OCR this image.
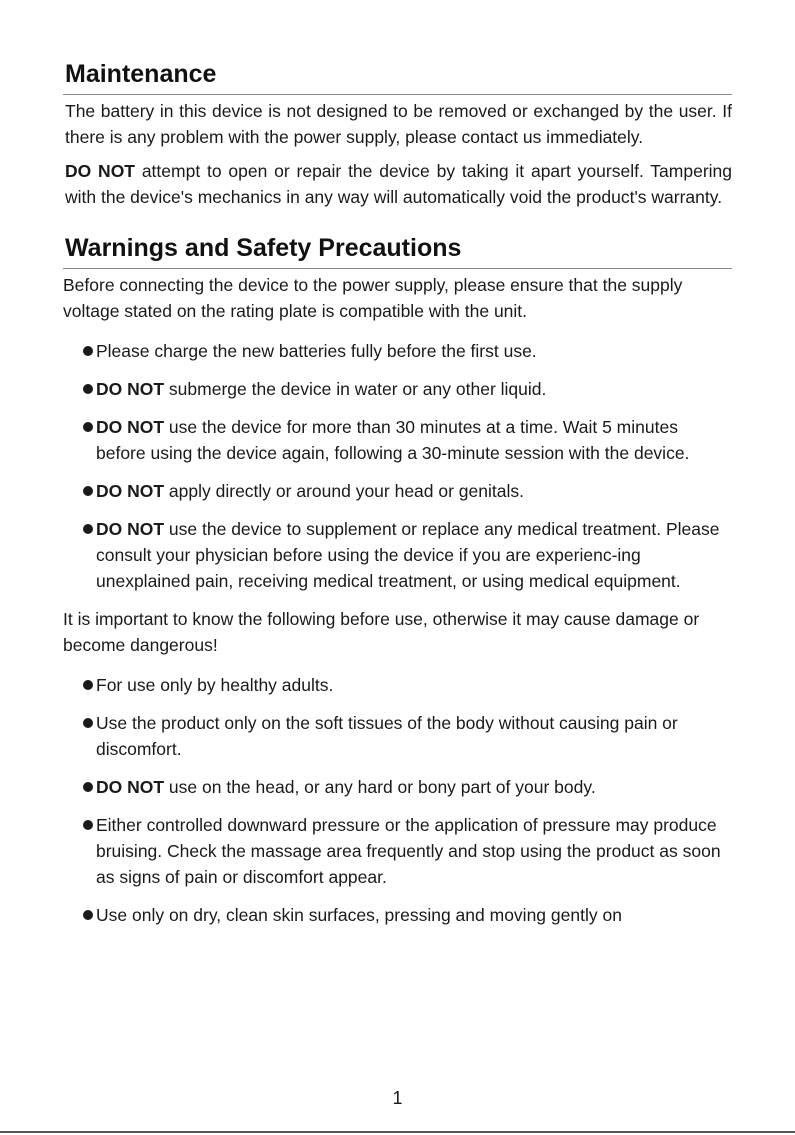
Maintenance

The battery in this device is not designed to be removed or exchanged by the user. If there is any problem with the power supply, please contact us immediately.

DO NOT attempt to open or repair the device by taking it apart yourself. Tampering with the device's mechanics in any way will automatically void the product's warranty.

Warnings and Safety Precautions

Before connecting the device to the power supply, please ensure that the supply voltage stated on the rating plate is compatible with the unit.

Please charge the new batteries fully before the first use.
DO NOT submerge the device in water or any other liquid.
DO NOT use the device for more than 30 minutes at a time. Wait 5 minutes before using the device again, following a 30-minute session with the device.
DO NOT apply directly or around your head or genitals.
DO NOT use the device to supplement or replace any medical treatment. Please consult your physician before using the device if you are experienc-ing unexplained pain, receiving medical treatment, or using medical equipment.

It is important to know the following before use, otherwise it may cause damage or become dangerous!

For use only by healthy adults.
Use the product only on the soft tissues of the body without causing pain or discomfort.
DO NOT use on the head, or any hard or bony part of your body.
Either controlled downward pressure or the application of pressure may produce bruising. Check the massage area frequently and stop using the product as soon as signs of pain or discomfort appear.
Use only on dry, clean skin surfaces, pressing and moving gently on
1
